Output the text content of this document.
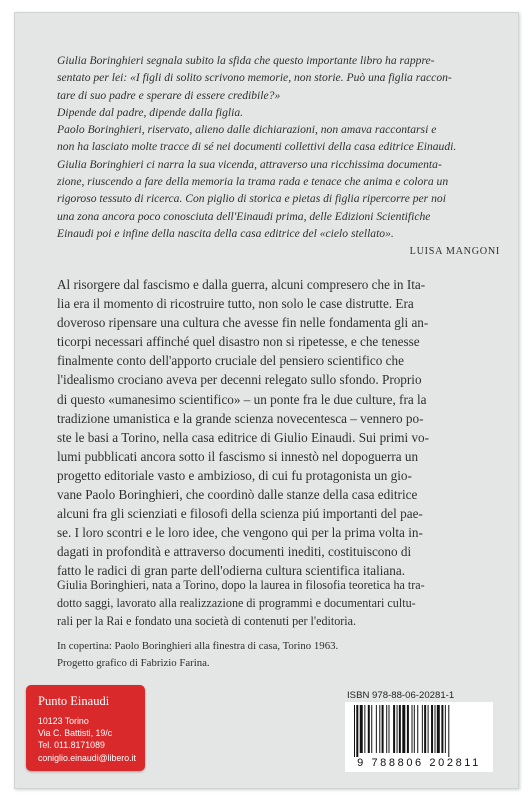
Giulia Boringhieri segnala subito la sfida che questo importante libro ha rappre-
sentato per lei: «I figli di solito scrivono memorie, non storie. Può una figlia raccon-
tare di suo padre e sperare di essere credibile?»
Dipende dal padre, dipende dalla figlia.
Paolo Boringhieri, riservato, alieno dalle dichiarazioni, non amava raccontarsi e
non ha lasciato molte tracce di sé nei documenti collettivi della casa editrice Einaudi.
Giulia Boringhieri ci narra la sua vicenda, attraverso una ricchissima documenta-
zione, riuscendo a fare della memoria la trama rada e tenace che anima e colora un
rigoroso tessuto di ricerca. Con piglio di storica e pietas di figlia ripercorre per noi
una zona ancora poco conosciuta dell'Einaudi prima, delle Edizioni Scientifiche
Einaudi poi e infine della nascita della casa editrice del «cielo stellato».
LUISA MANGONI
Al risorgere dal fascismo e dalla guerra, alcuni compresero che in Ita-
lia era il momento di ricostruire tutto, non solo le case distrutte. Era
doveroso ripensare una cultura che avesse fin nelle fondamenta gli an-
ticorpi necessari affinché quel disastro non si ripetesse, e che tenesse
finalmente conto dell'apporto cruciale del pensiero scientifico che
l'idealismo crociano aveva per decenni relegato sullo sfondo. Proprio
di questo «umanesimo scientifico» – un ponte fra le due culture, fra la
tradizione umanistica e la grande scienza novecentesca – vennero po-
ste le basi a Torino, nella casa editrice di Giulio Einaudi. Sui primi vo-
lumi pubblicati ancora sotto il fascismo si innestò nel dopoguerra un
progetto editoriale vasto e ambizioso, di cui fu protagonista un gio-
vane Paolo Boringhieri, che coordinò dalle stanze della casa editrice
alcuni fra gli scienziati e filosofi della scienza piú importanti del pae-
se. I loro scontri e le loro idee, che vengono qui per la prima volta in-
dagati in profondità e attraverso documenti inediti, costituiscono di
fatto le radici di gran parte dell'odierna cultura scientifica italiana.
Giulia Boringhieri, nata a Torino, dopo la laurea in filosofia teoretica ha tra-
dotto saggi, lavorato alla realizzazione di programmi e documentari cultu-
rali per la Rai e fondato una società di contenuti per l'editoria.
In copertina: Paolo Boringhieri alla finestra di casa, Torino 1963.
Progetto grafico di Fabrizio Farina.
ISBN 978-88-06-20281-1
9 788806 202811
Punto Einaudi
10123 Torino
Via C. Battisti, 19/c
Tel. 011.8171089
coniglio.einaudi@libero.it
